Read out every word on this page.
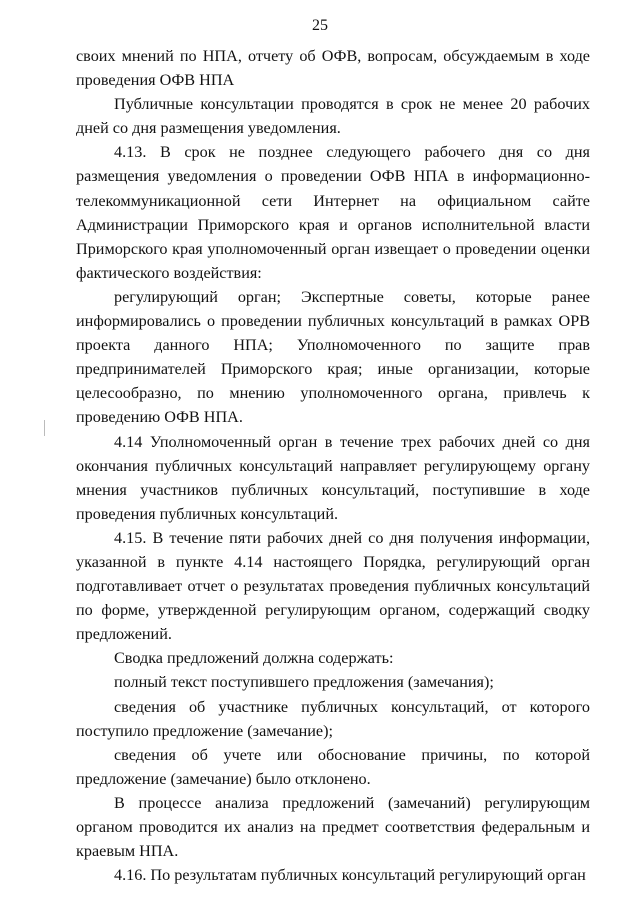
25

своих мнений по НПА, отчету об ОФВ, вопросам, обсуждаемым в ходе проведения ОФВ НПА

Публичные консультации проводятся в срок не менее 20 рабочих дней со дня размещения уведомления.

4.13. В срок не позднее следующего рабочего дня со дня размещения уведомления о проведении ОФВ НПА в информационно-телекоммуникационной сети Интернет на официальном сайте Администрации Приморского края и органов исполнительной власти Приморского края уполномоченный орган извещает о проведении оценки фактического воздействия:

регулирующий орган; Экспертные советы, которые ранее информировались о проведении публичных консультаций в рамках ОРВ проекта данного НПА; Уполномоченного по защите прав предпринимателей Приморского края; иные организации, которые целесообразно, по мнению уполномоченного органа, привлечь к проведению ОФВ НПА.

4.14 Уполномоченный орган в течение трех рабочих дней со дня окончания публичных консультаций направляет регулирующему органу мнения участников публичных консультаций, поступившие в ходе проведения публичных консультаций.

4.15. В течение пяти рабочих дней со дня получения информации, указанной в пункте 4.14 настоящего Порядка, регулирующий орган подготавливает отчет о результатах проведения публичных консультаций по форме, утвержденной регулирующим органом, содержащий сводку предложений.

Сводка предложений должна содержать:

полный текст поступившего предложения (замечания);

сведения об участнике публичных консультаций, от которого поступило предложение (замечание);

сведения об учете или обоснование причины, по которой предложение (замечание) было отклонено.

В процессе анализа предложений (замечаний) регулирующим органом проводится их анализ на предмет соответствия федеральным и краевым НПА.

4.16. По результатам публичных консультаций регулирующий орган
